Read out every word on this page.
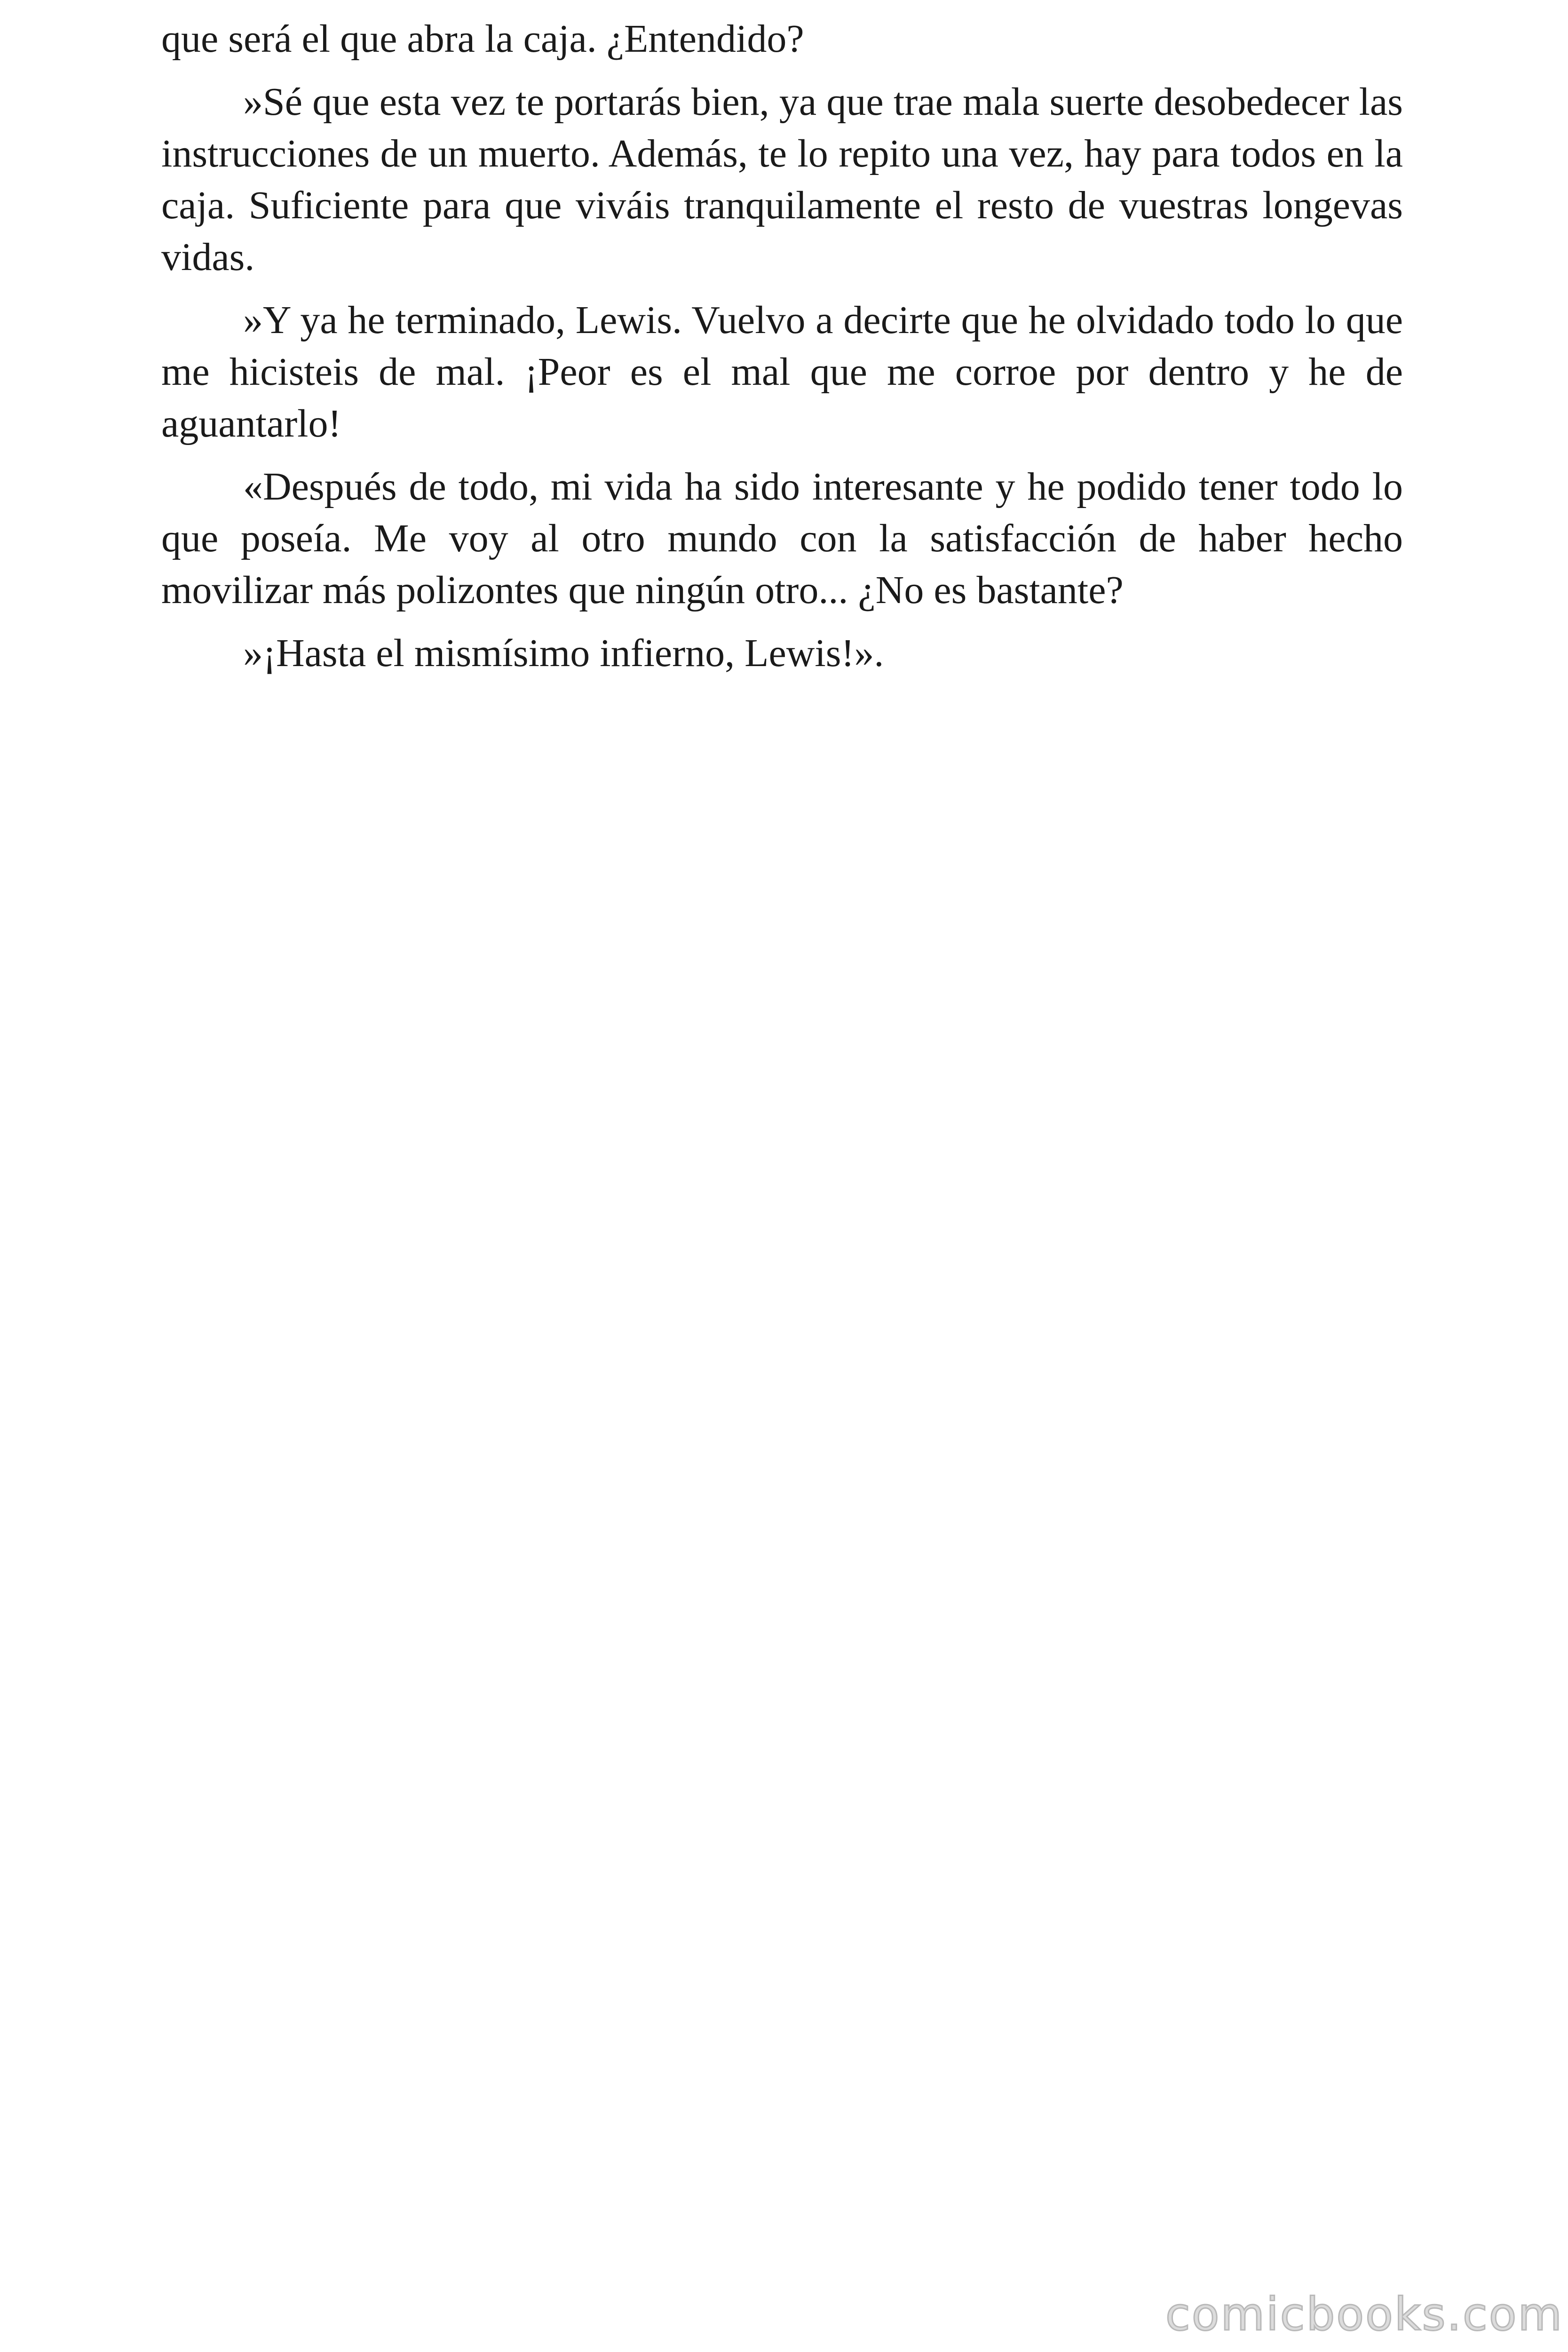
que será el que abra la caja. ¿Entendido?

»Sé que esta vez te portarás bien, ya que trae mala suerte desobedecer las instrucciones de un muerto. Además, te lo repito una vez, hay para todos en la caja. Suficiente para que viváis tranquilamente el resto de vuestras longevas vidas.

»Y ya he terminado, Lewis. Vuelvo a decirte que he olvidado todo lo que me hicisteis de mal. ¡Peor es el mal que me corroe por dentro y he de aguantarlo!

«Después de todo, mi vida ha sido interesante y he podido tener todo lo que poseía. Me voy al otro mundo con la satisfacción de haber hecho movilizar más polizontes que ningún otro... ¿No es bastante?

»¡Hasta el mismísimo infierno, Lewis!».

comicbooks.com
